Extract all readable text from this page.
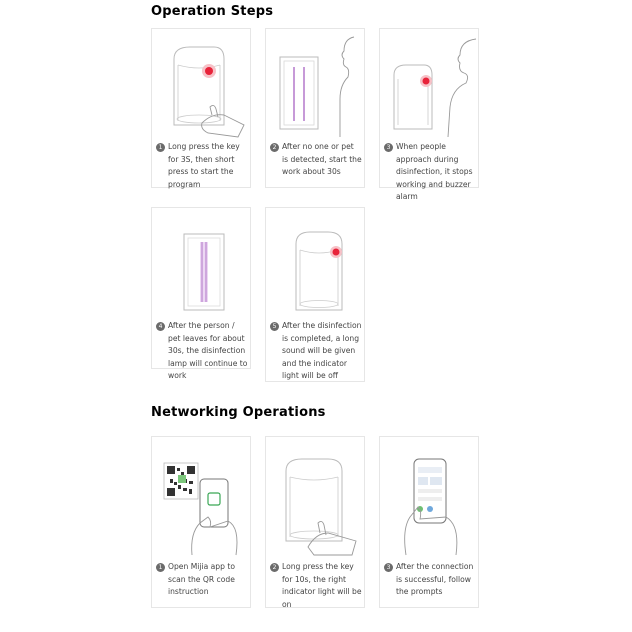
Operation Steps
1 Long press the key for 3S, then short press to start the program
2 After no one or pet is detected, start the work about 30s
3 When people approach during disinfection, it stops working and buzzer alarm
4 After the person / pet leaves for about 30s, the disinfection lamp will continue to work
5 After the disinfection is completed, a long sound will be given and the indicator light will be off
Networking Operations
1 Open Mijia app to scan the QR code instruction
2 Long press the key for 10s, the right indicator light will be on
3 After the connection is successful, follow the prompts
